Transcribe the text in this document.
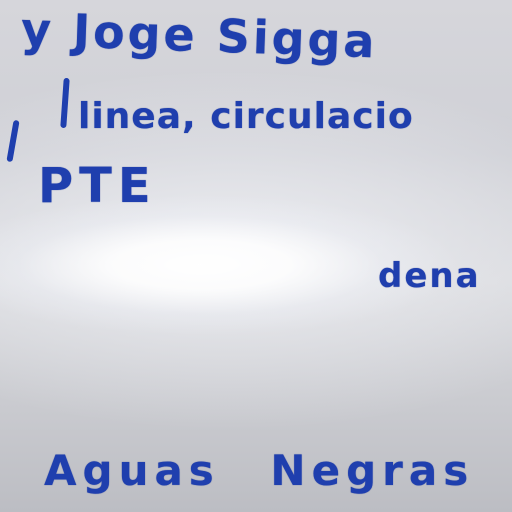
y Joge Sigga
linea, circulacio
PTE

dena
Aguas Negras
